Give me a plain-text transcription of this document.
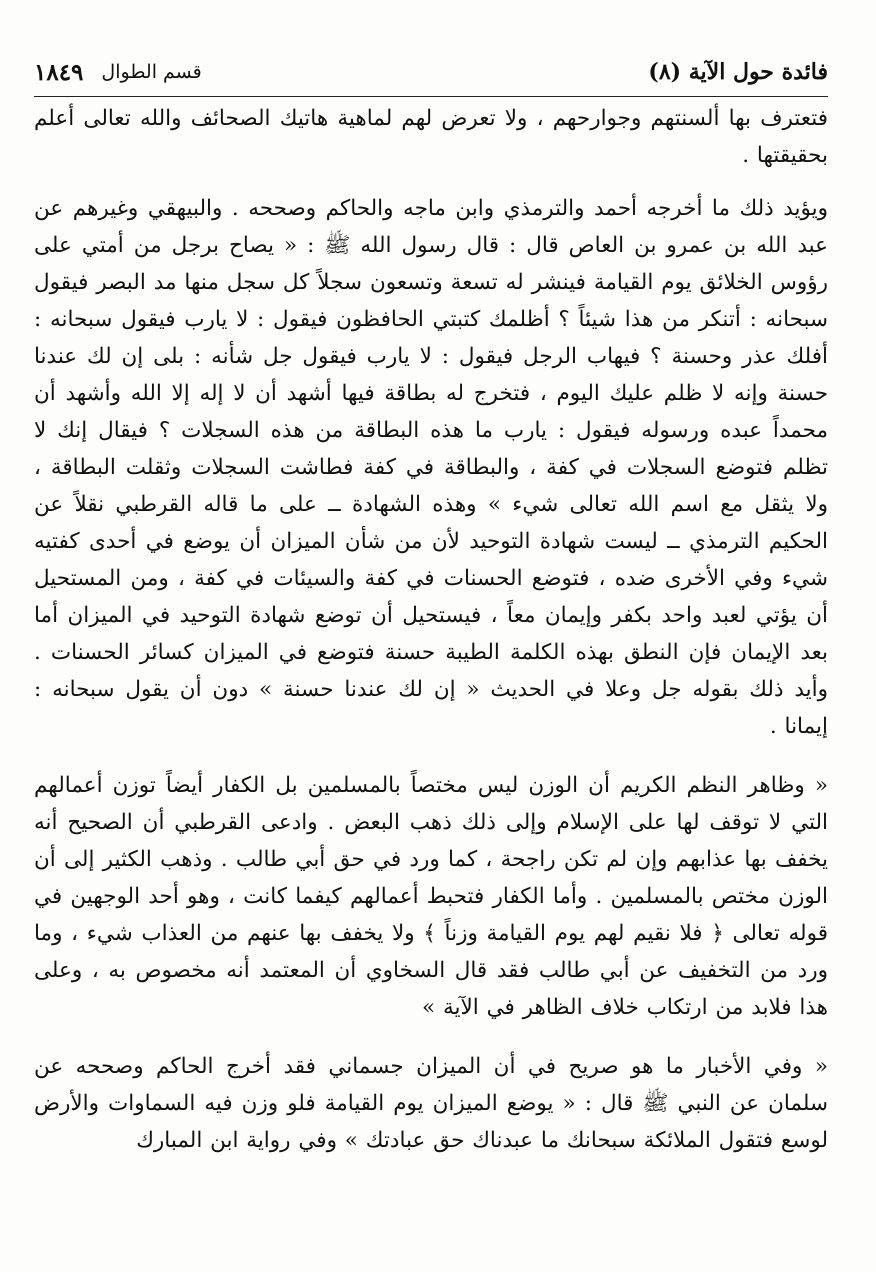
فائدة حول الآية (٨)
قسم الطوال
١٨٤٩

فتعترف بها ألسنتهم وجوارحهم ، ولا تعرض لهم لماهية هاتيك الصحائف والله تعالى أعلم بحقيقتها .

ويؤيد ذلك ما أخرجه أحمد والترمذي وابن ماجه والحاكم وصححه . والبيهقي وغيرهم عن عبد الله بن عمرو بن العاص قال : قال رسول الله ﷺ : « يصاح برجل من أمتي على رؤوس الخلائق يوم القيامة فينشر له تسعة وتسعون سجلاً كل سجل منها مد البصر فيقول سبحانه : أتنكر من هذا شيئاً ؟ أظلمك كتبتي الحافظون فيقول : لا يارب فيقول سبحانه : أفلك عذر وحسنة ؟ فيهاب الرجل فيقول : لا يارب فيقول جل شأنه : بلى إن لك عندنا حسنة وإنه لا ظلم عليك اليوم ، فتخرج له بطاقة فيها أشهد أن لا إله إلا الله وأشهد أن محمداً عبده ورسوله فيقول : يارب ما هذه البطاقة من هذه السجلات ؟ فيقال إنك لا تظلم فتوضع السجلات في كفة ، والبطاقة في كفة فطاشت السجلات وثقلت البطاقة ، ولا يثقل مع اسم الله تعالى شيء » وهذه الشهادة ــ على ما قاله القرطبي نقلاً عن الحكيم الترمذي ــ ليست شهادة التوحيد لأن من شأن الميزان أن يوضع في أحدى كفتيه شيء وفي الأخرى ضده ، فتوضع الحسنات في كفة والسيئات في كفة ، ومن المستحيل أن يؤتي لعبد واحد بكفر وإيمان معاً ، فيستحيل أن توضع شهادة التوحيد في الميزان أما بعد الإيمان فإن النطق بهذه الكلمة الطيبة حسنة فتوضع في الميزان كسائر الحسنات . وأيد ذلك بقوله جل وعلا في الحديث « إن لك عندنا حسنة » دون أن يقول سبحانه : إيمانا .

« وظاهر النظم الكريم أن الوزن ليس مختصاً بالمسلمين بل الكفار أيضاً توزن أعمالهم التي لا توقف لها على الإسلام وإلى ذلك ذهب البعض . وادعى القرطبي أن الصحيح أنه يخفف بها عذابهم وإن لم تكن راجحة ، كما ورد في حق أبي طالب . وذهب الكثير إلى أن الوزن مختص بالمسلمين . وأما الكفار فتحبط أعمالهم كيفما كانت ، وهو أحد الوجهين في قوله تعالى ﴿ فلا نقيم لهم يوم القيامة وزناً ﴾ ولا يخفف بها عنهم من العذاب شيء ، وما ورد من التخفيف عن أبي طالب فقد قال السخاوي أن المعتمد أنه مخصوص به ، وعلى هذا فلابد من ارتكاب خلاف الظاهر في الآية »

« وفي الأخبار ما هو صريح في أن الميزان جسماني فقد أخرج الحاكم وصححه عن سلمان عن النبي ﷺ قال : « يوضع الميزان يوم القيامة فلو وزن فيه السماوات والأرض لوسع فتقول الملائكة سبحانك ما عبدناك حق عبادتك » وفي رواية ابن المبارك
